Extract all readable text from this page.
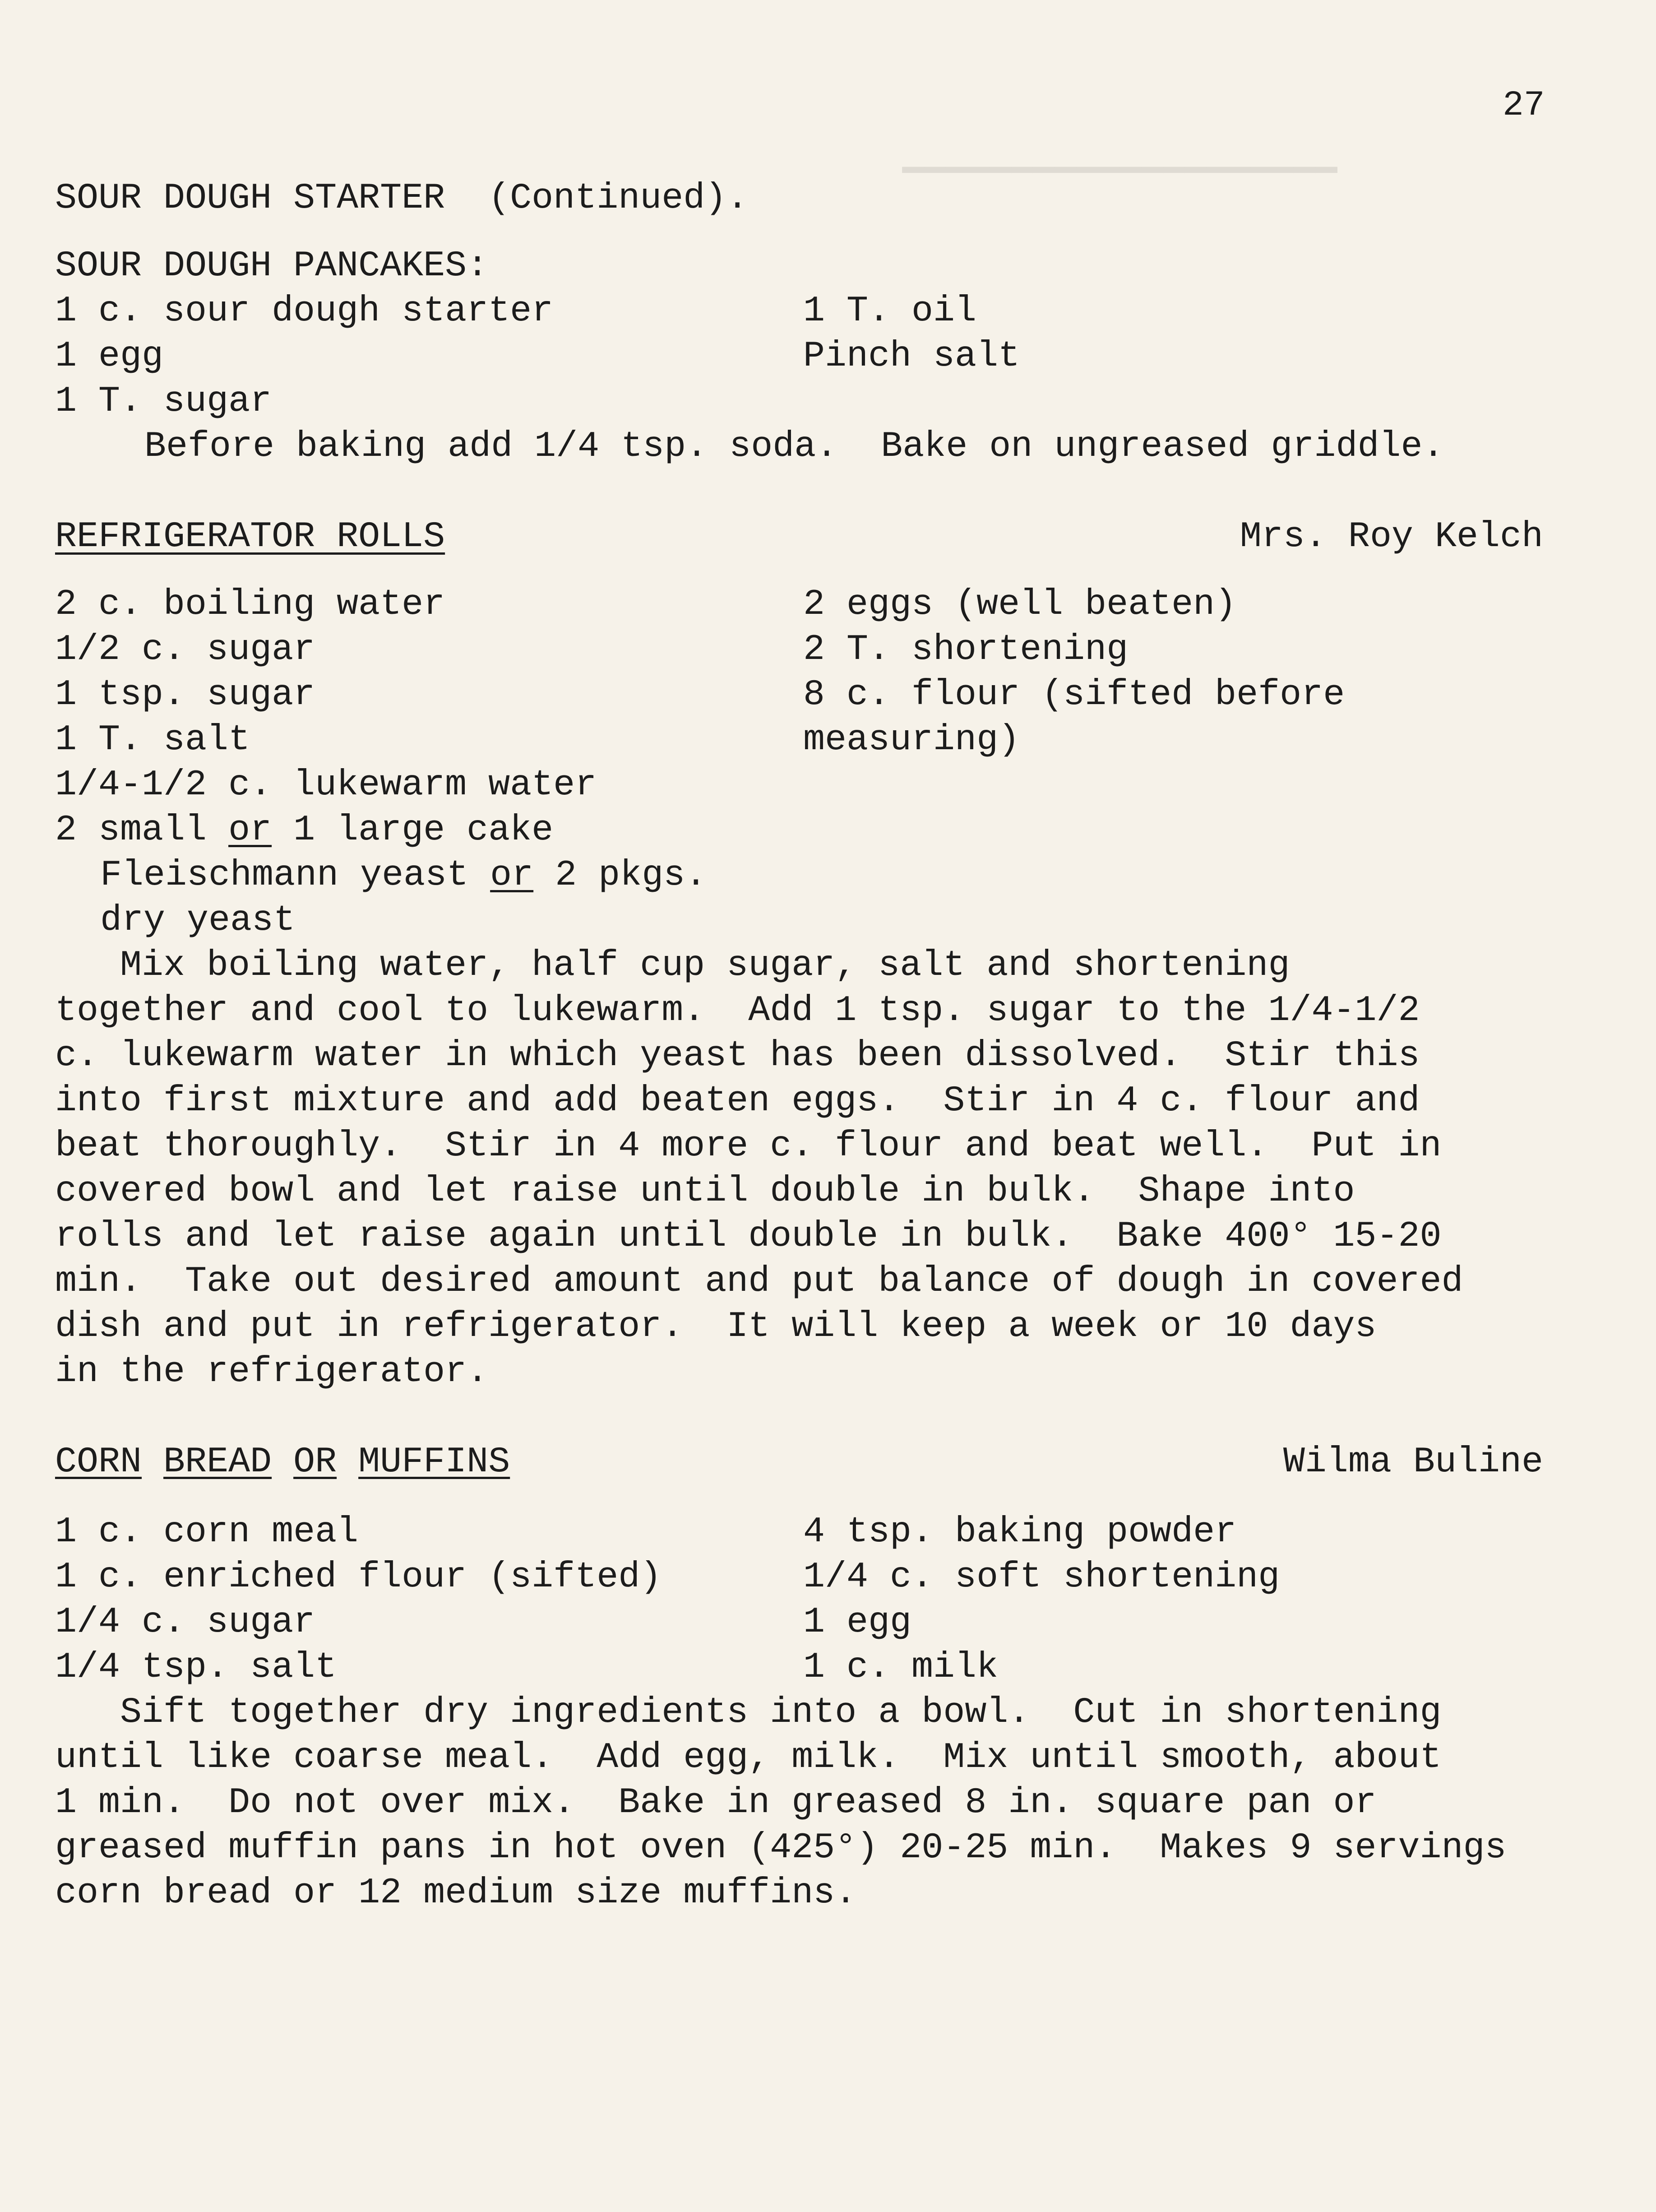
━━━━━━━━━━━━━━━━━━━━
27
SOUR DOUGH STARTER  (Continued).
SOUR DOUGH PANCAKES:
1 c. sour dough starter
1 egg
1 T. sugar
1 T. oil
Pinch salt
Before baking add 1/4 tsp. soda.  Bake on ungreased griddle.
REFRIGERATOR ROLLS	Mrs. Roy Kelch
2 c. boiling water
1/2 c. sugar
1 tsp. sugar
1 T. salt
1/4-1/2 c. lukewarm water
2 small or 1 large cake
Fleischmann yeast or 2 pkgs.
dry yeast
2 eggs (well beaten)
2 T. shortening
8 c. flour (sifted before
measuring)
Mix boiling water, half cup sugar, salt and shortening
together and cool to lukewarm.  Add 1 tsp. sugar to the 1/4-1/2
c. lukewarm water in which yeast has been dissolved.  Stir this
into first mixture and add beaten eggs.  Stir in 4 c. flour and
beat thoroughly.  Stir in 4 more c. flour and beat well.  Put in
covered bowl and let raise until double in bulk.  Shape into
rolls and let raise again until double in bulk.  Bake 400° 15-20
min.  Take out desired amount and put balance of dough in covered
dish and put in refrigerator.  It will keep a week or 10 days
in the refrigerator.
CORN BREAD OR MUFFINS	Wilma Buline
1 c. corn meal
1 c. enriched flour (sifted)
1/4 c. sugar
1/4 tsp. salt
4 tsp. baking powder
1/4 c. soft shortening
1 egg
1 c. milk
Sift together dry ingredients into a bowl.  Cut in shortening
until like coarse meal.  Add egg, milk.  Mix until smooth, about
1 min.  Do not over mix.  Bake in greased 8 in. square pan or
greased muffin pans in hot oven (425°) 20-25 min.  Makes 9 servings
corn bread or 12 medium size muffins.
